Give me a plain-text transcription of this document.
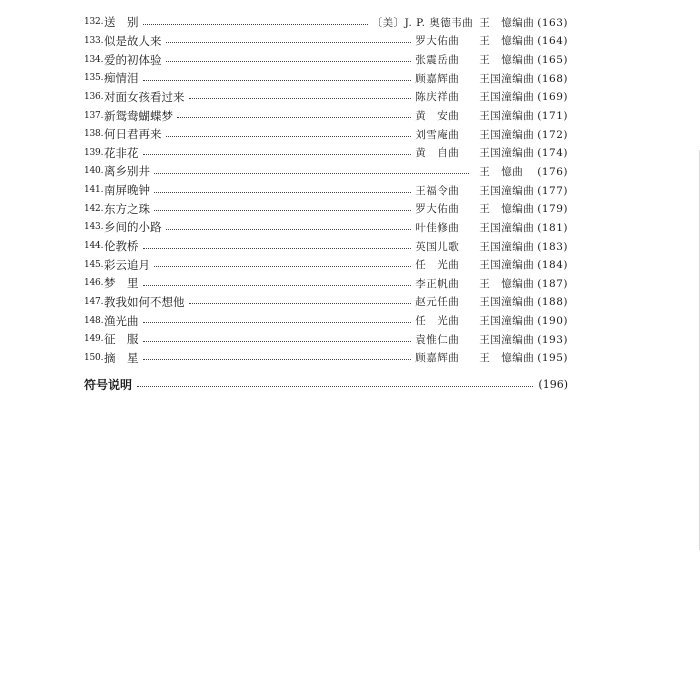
132. 送　别	〔美〕J. P. 奥德韦曲 王　憶编曲 (163)
133. 似是故人来	罗大佑曲 王　憶编曲 (164)
134. 爱的初体验	张震岳曲 王　憶编曲 (165)
135. 痴情泪	顾嘉辉曲 王国潼编曲 (168)
136. 对面女孩看过来	陈庆祥曲 王国潼编曲 (169)
137. 新鸳鸯蝴蝶梦	黄　安曲 王国潼编曲 (171)
138. 何日君再来	刘雪庵曲 王国潼编曲 (172)
139. 花非花	黄　自曲 王国潼编曲 (174)
140. 离乡别井	王　憶曲 (176)
141. 南屏晚钟	王福令曲 王国潼编曲 (177)
142. 东方之珠	罗大佑曲 王　憶编曲 (179)
143. 乡间的小路	叶佳修曲 王国潼编曲 (181)
144. 伦教桥	英国儿歌 王国潼编曲 (183)
145. 彩云追月	任　光曲 王国潼编曲 (184)
146. 梦　里	李正帆曲 王　憶编曲 (187)
147. 教我如何不想他	赵元任曲 王国潼编曲 (188)
148. 渔光曲	任　光曲 王国潼编曲 (190)
149. 征　服	袁惟仁曲 王国潼编曲 (193)
150. 摘　星	顾嘉辉曲 王　憶编曲 (195)
符号说明	(196)
